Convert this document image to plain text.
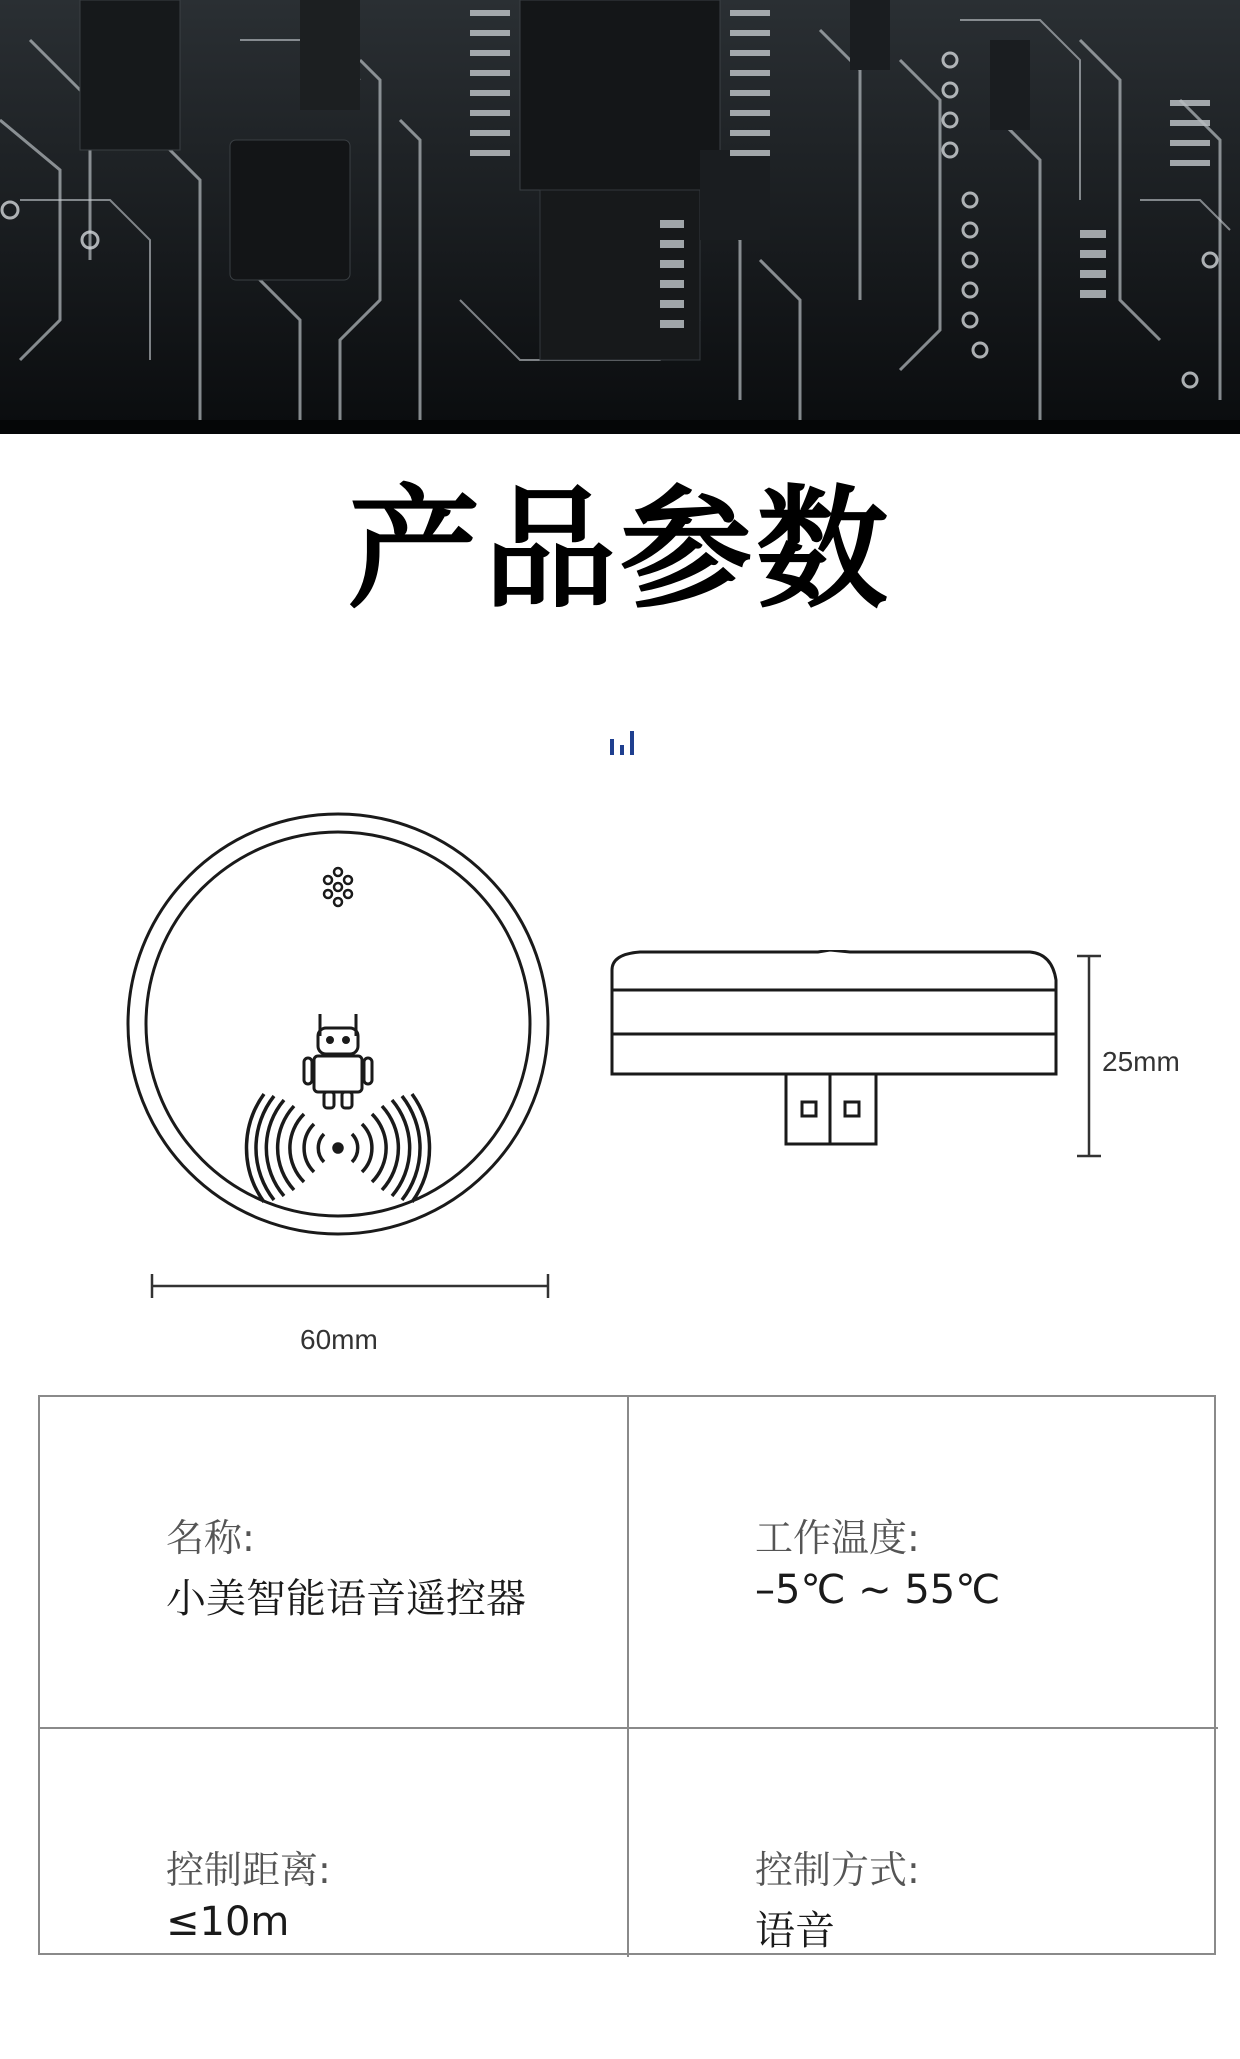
产品参数
60mm
25mm
名称:
小美智能语音遥控器
工作温度:
–5℃ ~ 55℃
控制距离:
≤10m
控制方式:
语音
